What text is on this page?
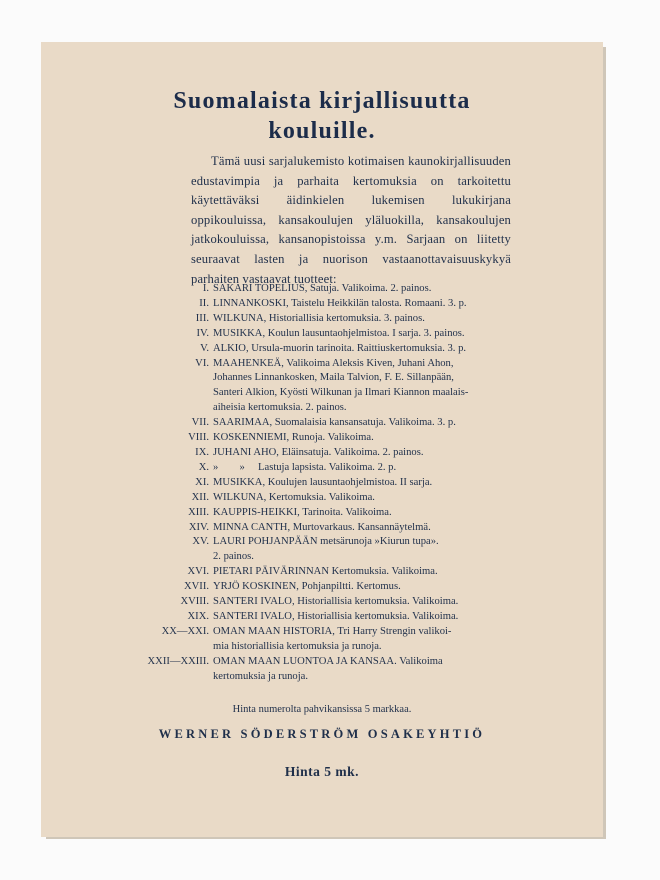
Suomalaista kirjallisuutta
kouluille.
Tämä uusi sarjalukemisto kotimaisen kaunokirjallisuuden edustavimpia ja parhaita kertomuksia on tarkoitettu käytettäväksi äidinkielen lukemisen lukukirjana oppikouluissa, kansakoulujen yläluokilla, kansakoulujen jatkokouluissa, kansanopistoissa y.m. Sarjaan on liitetty seuraavat lasten ja nuorison vastaanottavaisuuskykyä parhaiten vastaavat tuotteet:
I. SAKARI TOPELIUS, Satuja. Valikoima. 2. painos.
II. LINNANKOSKI, Taistelu Heikkilän talosta. Romaani. 3. p.
III. WILKUNA, Historiallisia kertomuksia. 3. painos.
IV. MUSIKKA, Koulun lausuntaohjelmistoa. I sarja. 3. painos.
V. ALKIO, Ursula-muorin tarinoita. Raittiuskertomuksia. 3. p.
VI. MAAHENKEÄ, Valikoima Aleksis Kiven, Juhani Ahon,
Johannes Linnankosken, Maila Talvion, F. E. Sillanpään,
Santeri Alkion, Kyösti Wilkunan ja Ilmari Kiannon maalais-
aiheisia kertomuksia. 2. painos.
VII. SAARIMAA, Suomalaisia kansansatuja. Valikoima. 3. p.
VIII. KOSKENNIEMI, Runoja. Valikoima.
IX. JUHANI AHO, Eläinsatuja. Valikoima. 2. painos.
X. »        »     Lastuja lapsista. Valikoima. 2. p.
XI. MUSIKKA, Koulujen lausuntaohjelmistoa. II sarja.
XII. WILKUNA, Kertomuksia. Valikoima.
XIII. KAUPPIS-HEIKKI, Tarinoita. Valikoima.
XIV. MINNA CANTH, Murtovarkaus. Kansannäytelmä.
XV. LAURI POHJANPÄÄN metsärunoja »Kiurun tupa».
2. painos.
XVI. PIETARI PÄIVÄRINNAN Kertomuksia. Valikoima.
XVII. YRJÖ KOSKINEN, Pohjanpiltti. Kertomus.
XVIII. SANTERI IVALO, Historiallisia kertomuksia. Valikoima.
XIX. SANTERI IVALO, Historiallisia kertomuksia. Valikoima.
XX—XXI. OMAN MAAN HISTORIA, Tri Harry Strengin valikoi-
mia historiallisia kertomuksia ja runoja.
XXII—XXIII. OMAN MAAN LUONTOA JA KANSAA. Valikoima
kertomuksia ja runoja.
Hinta numerolta pahvikansissa 5 markkaa.
WERNER SÖDERSTRÖM OSAKEYHTIÖ
Hinta 5 mk.
